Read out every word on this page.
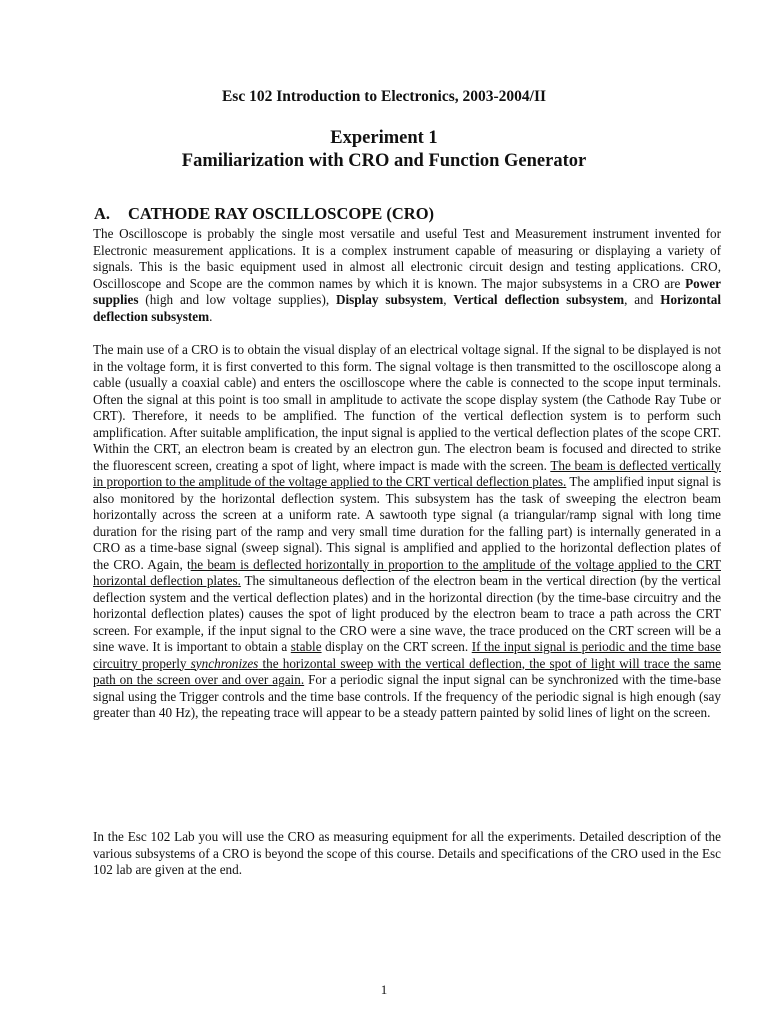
Esc 102 Introduction to Electronics, 2003-2004/II
Experiment 1
Familiarization with CRO and Function Generator
A. CATHODE RAY OSCILLOSCOPE (CRO)

The Oscilloscope is probably the single most versatile and useful Test and Measurement instrument invented for Electronic measurement applications. It is a complex instrument capable of measuring or displaying a variety of signals. This is the basic equipment used in almost all electronic circuit design and testing applications. CRO, Oscilloscope and Scope are the common names by which it is known. The major subsystems in a CRO are Power supplies (high and low voltage supplies), Display subsystem, Vertical deflection subsystem, and Horizontal deflection subsystem.

The main use of a CRO is to obtain the visual display of an electrical voltage signal. If the signal to be displayed is not in the voltage form, it is first converted to this form. The signal voltage is then transmitted to the oscilloscope along a cable (usually a coaxial cable) and enters the oscilloscope where the cable is connected to the scope input terminals. Often the signal at this point is too small in amplitude to activate the scope display system (the Cathode Ray Tube or CRT). Therefore, it needs to be amplified. The function of the vertical deflection system is to perform such amplification. After suitable amplification, the input signal is applied to the vertical deflection plates of the scope CRT. Within the CRT, an electron beam is created by an electron gun. The electron beam is focused and directed to strike the fluorescent screen, creating a spot of light, where impact is made with the screen. The beam is deflected vertically in proportion to the amplitude of the voltage applied to the CRT vertical deflection plates. The amplified input signal is also monitored by the horizontal deflection system. This subsystem has the task of sweeping the electron beam horizontally across the screen at a uniform rate. A sawtooth type signal (a triangular/ramp signal with long time duration for the rising part of the ramp and very small time duration for the falling part) is internally generated in a CRO as a time-base signal (sweep signal). This signal is amplified and applied to the horizontal deflection plates of the CRO. Again, the beam is deflected horizontally in proportion to the amplitude of the voltage applied to the CRT horizontal deflection plates. The simultaneous deflection of the electron beam in the vertical direction (by the vertical deflection system and the vertical deflection plates) and in the horizontal direction (by the time-base circuitry and the horizontal deflection plates) causes the spot of light produced by the electron beam to trace a path across the CRT screen. For example, if the input signal to the CRO were a sine wave, the trace produced on the CRT screen will be a sine wave. It is important to obtain a stable display on the CRT screen. If the input signal is periodic and the time base circuitry properly synchronizes the horizontal sweep with the vertical deflection, the spot of light will trace the same path on the screen over and over again. For a periodic signal the input signal can be synchronized with the time-base signal using the Trigger controls and the time base controls. If the frequency of the periodic signal is high enough (say greater than 40 Hz), the repeating trace will appear to be a steady pattern painted by solid lines of light on the screen.

In the Esc 102 Lab you will use the CRO as measuring equipment for all the experiments. Detailed description of the various subsystems of a CRO is beyond the scope of this course. Details and specifications of the CRO used in the Esc 102 lab are given at the end.

1
